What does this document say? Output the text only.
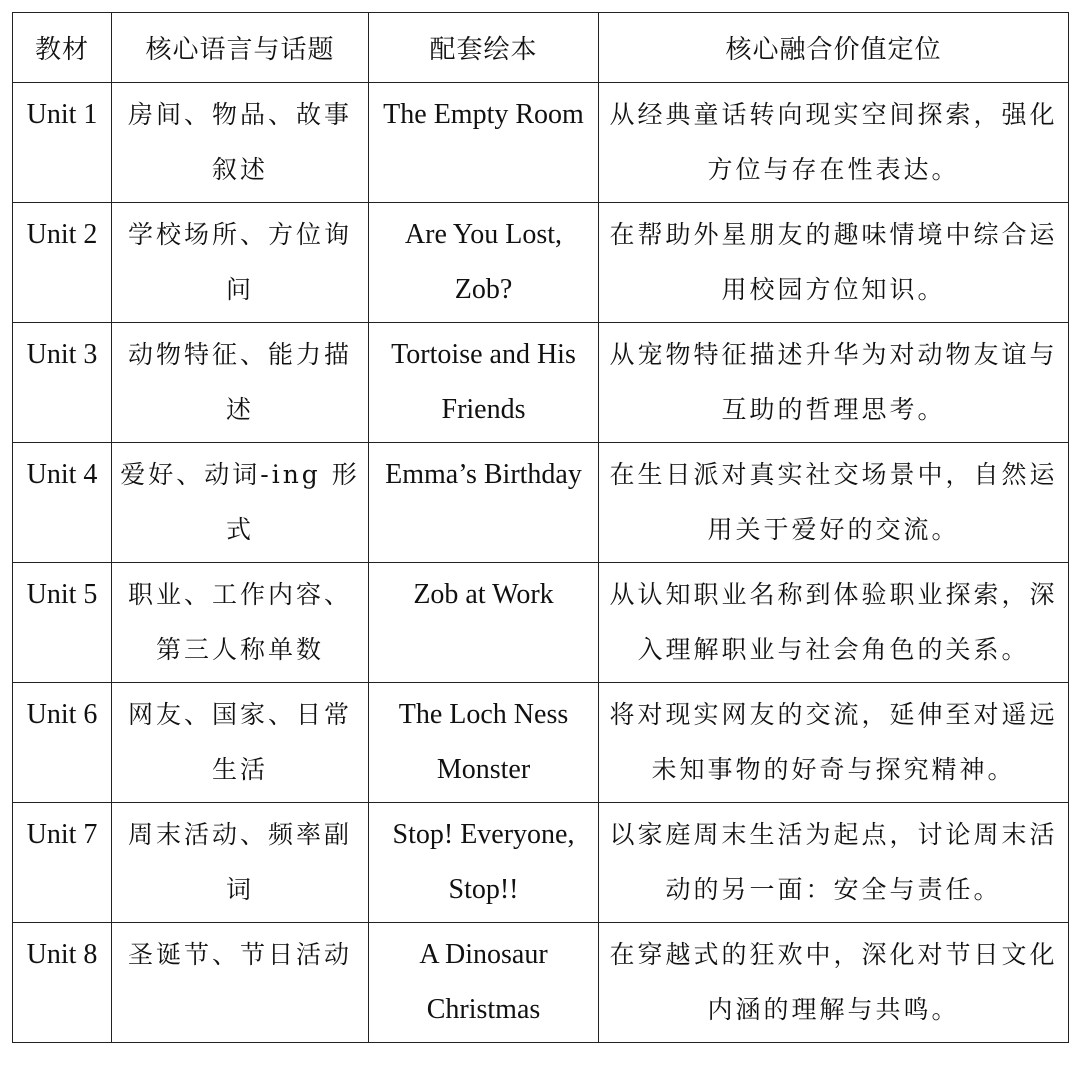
教材	核心语言与话题	配套绘本	核心融合价值定位
Unit 1	房间、物品、故事叙述	The Empty Room	从经典童话转向现实空间探索，强化方位与存在性表达。
Unit 2	学校场所、方位询问	Are You Lost, Zob?	在帮助外星朋友的趣味情境中综合运用校园方位知识。
Unit 3	动物特征、能力描述	Tortoise and His Friends	从宠物特征描述升华为对动物友谊与互助的哲理思考。
Unit 4	爱好、动词-ing 形式	Emma’s Birthday	在生日派对真实社交场景中，自然运用关于爱好的交流。
Unit 5	职业、工作内容、第三人称单数	Zob at Work	从认知职业名称到体验职业探索，深入理解职业与社会角色的关系。
Unit 6	网友、国家、日常生活	The Loch Ness Monster	将对现实网友的交流，延伸至对遥远未知事物的好奇与探究精神。
Unit 7	周末活动、频率副词	Stop! Everyone, Stop!!	以家庭周末生活为起点，讨论周末活动的另一面：安全与责任。
Unit 8	圣诞节、节日活动	A Dinosaur Christmas	在穿越式的狂欢中，深化对节日文化内涵的理解与共鸣。
